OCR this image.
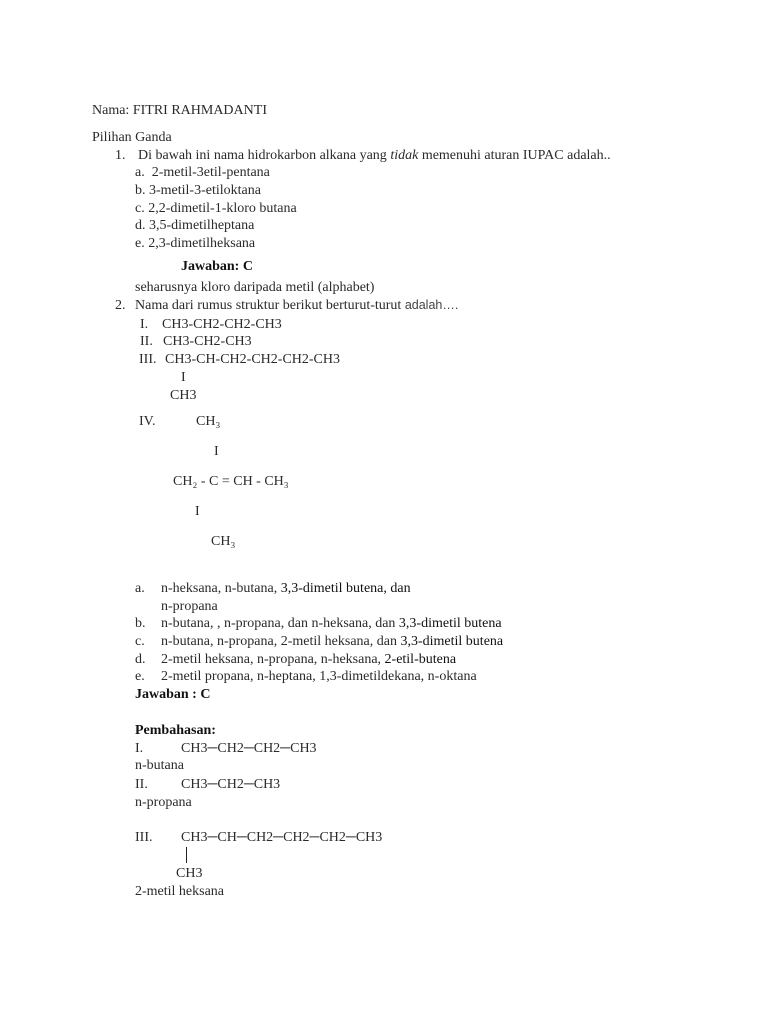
Nama: FITRI RAHMADANTI
Pilihan Ganda
1. Di bawah ini nama hidrokarbon alkana yang tidak memenuhi aturan IUPAC adalah..
a.  2-metil-3etil-pentana
b. 3-metil-3-etiloktana
c. 2,2-dimetil-1-kloro butana
d. 3,5-dimetilheptana
e. 2,3-dimetilheksana
Jawaban: C
seharusnya kloro daripada metil (alphabet)
2. Nama dari rumus struktur berikut berturut-turut adalah….
I. CH3-CH2-CH2-CH3
II. CH3-CH2-CH3
III. CH3-CH-CH2-CH2-CH2-CH3
I
CH3
IV.	CH₃
I
CH₂ - C = CH - CH₃
I
CH₃
a. n-heksana, n-butana, 3,3-dimetil butena, dan
n-propana
b. n-butana, , n-propana, dan n-heksana, dan 3,3-dimetil butena
c. n-butana, n-propana, 2-metil heksana, dan 3,3-dimetil butena
d. 2-metil heksana, n-propana, n-heksana, 2-etil-butena
e. 2-metil propana, n-heptana, 1,3-dimetildekana, n-oktana
Jawaban : C
Pembahasan:
I.	CH3─CH2─CH2─CH3
n-butana
II. CH3─CH2─CH3
n-propana
III. CH3─CH─CH2─CH2─CH2─CH3
CH3
2-metil heksana
